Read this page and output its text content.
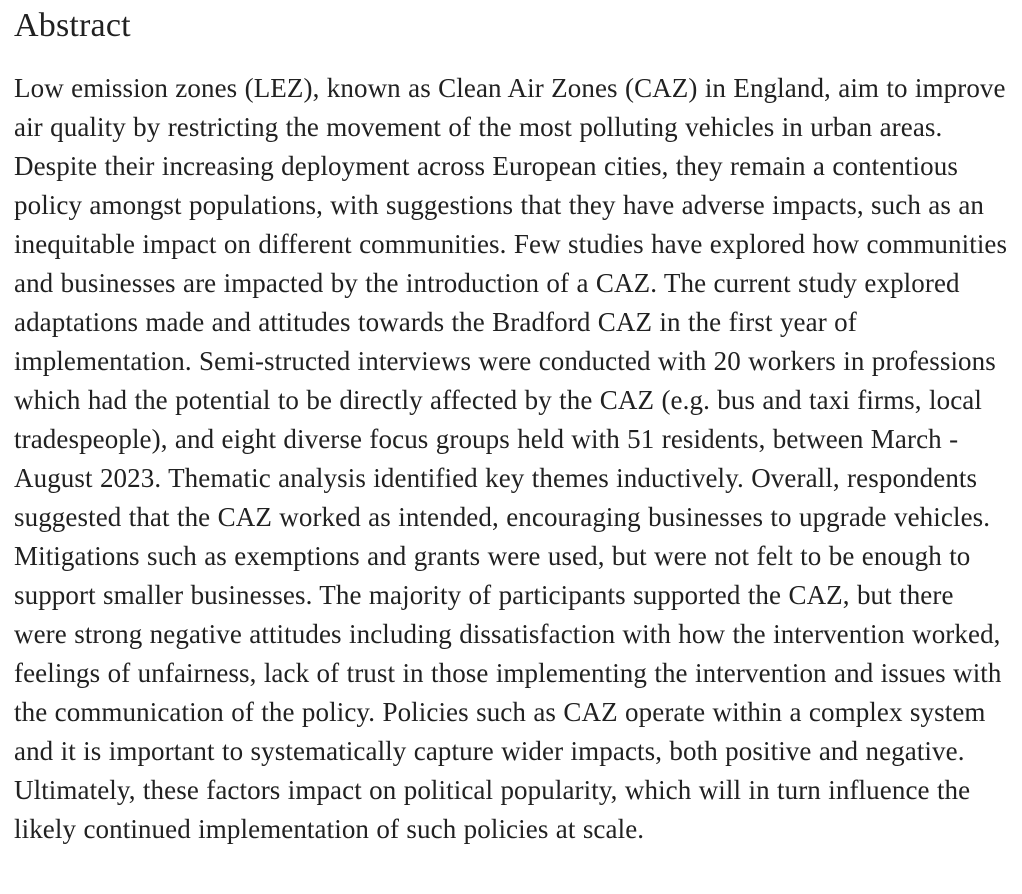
Abstract

Low emission zones (LEZ), known as Clean Air Zones (CAZ) in England, aim to improve air quality by restricting the movement of the most polluting vehicles in urban areas. Despite their increasing deployment across European cities, they remain a contentious policy amongst populations, with suggestions that they have adverse impacts, such as an inequitable impact on different communities. Few studies have explored how communities and businesses are impacted by the introduction of a CAZ. The current study explored adaptations made and attitudes towards the Bradford CAZ in the first year of implementation. Semi-structed interviews were conducted with 20 workers in professions which had the potential to be directly affected by the CAZ (e.g. bus and taxi firms, local tradespeople), and eight diverse focus groups held with 51 residents, between March - August 2023. Thematic analysis identified key themes inductively. Overall, respondents suggested that the CAZ worked as intended, encouraging businesses to upgrade vehicles. Mitigations such as exemptions and grants were used, but were not felt to be enough to support smaller businesses. The majority of participants supported the CAZ, but there were strong negative attitudes including dissatisfaction with how the intervention worked, feelings of unfairness, lack of trust in those implementing the intervention and issues with the communication of the policy. Policies such as CAZ operate within a complex system and it is important to systematically capture wider impacts, both positive and negative. Ultimately, these factors impact on political popularity, which will in turn influence the likely continued implementation of such policies at scale.
